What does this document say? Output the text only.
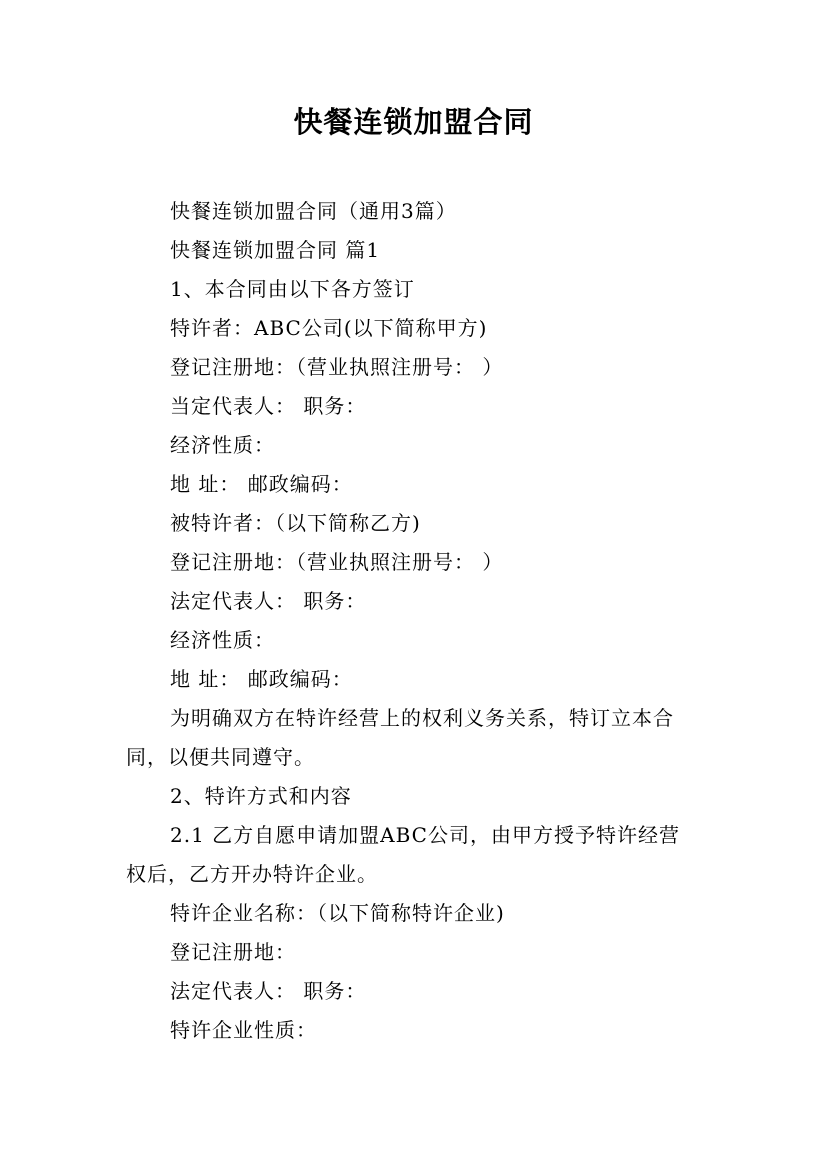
快餐连锁加盟合同

快餐连锁加盟合同（通用3篇）

快餐连锁加盟合同 篇1

1、本合同由以下各方签订

特许者：ABC公司(以下简称甲方)

登记注册地：（营业执照注册号： ）

当定代表人： 职务：

经济性质：

地 址： 邮政编码：

被特许者：（以下简称乙方)

登记注册地：（营业执照注册号： ）

法定代表人： 职务：

经济性质：

地 址： 邮政编码：

为明确双方在特许经营上的权利义务关系，特订立本合
同，以便共同遵守。

2、特许方式和内容

2.1 乙方自愿申请加盟ABC公司，由甲方授予特许经营
权后，乙方开办特许企业。

特许企业名称：（以下简称特许企业)

登记注册地：

法定代表人： 职务：

特许企业性质：
